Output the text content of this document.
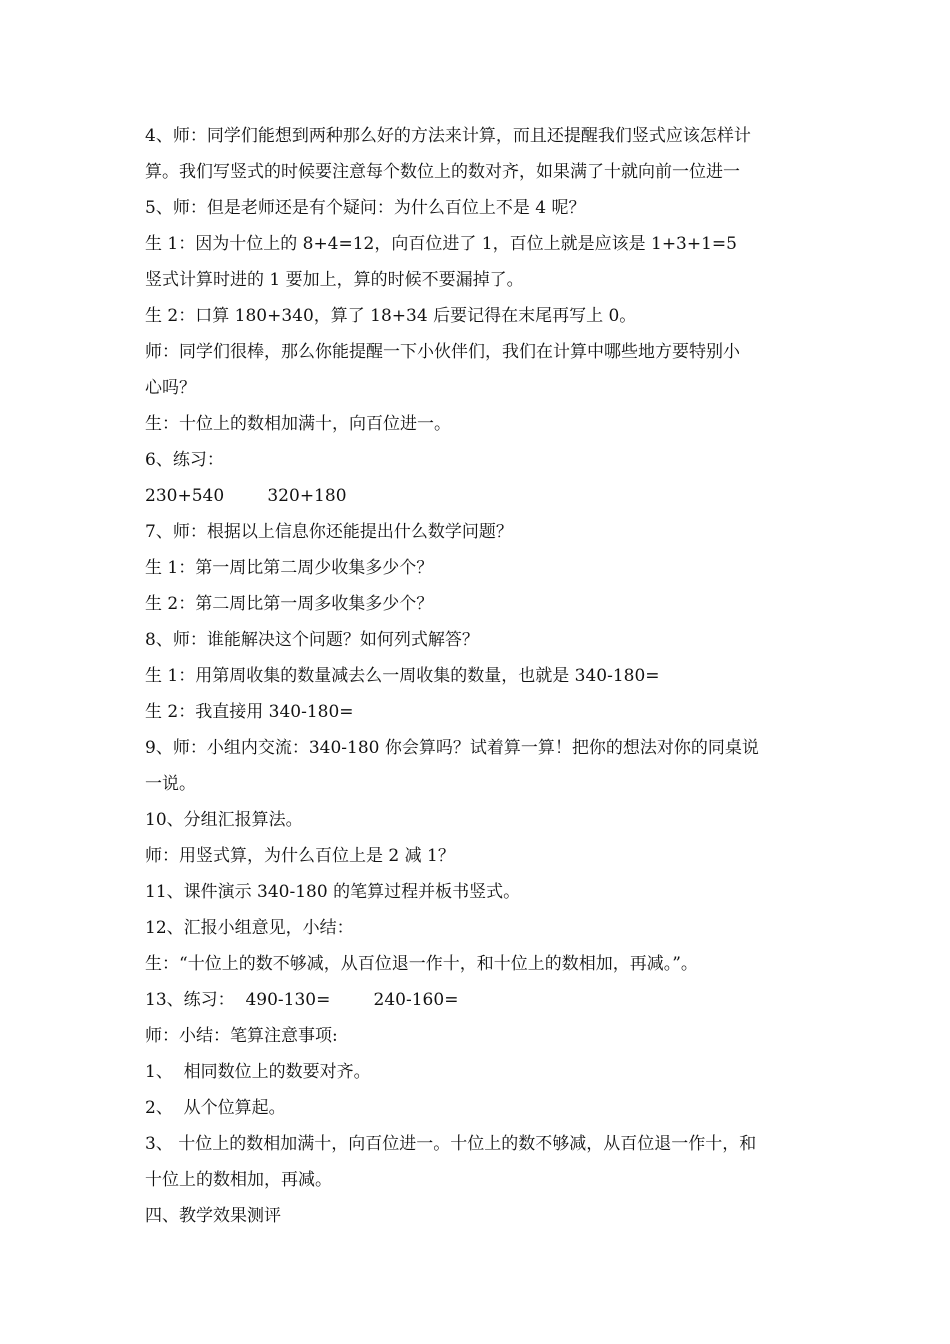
4、师：同学们能想到两种那么好的方法来计算，而且还提醒我们竖式应该怎样计
算。我们写竖式的时候要注意每个数位上的数对齐，如果满了十就向前一位进一
5、师：但是老师还是有个疑问：为什么百位上不是 4 呢？
生 1：因为十位上的 8+4=12，向百位进了 1，百位上就是应该是 1+3+1=5
竖式计算时进的 1 要加上，算的时候不要漏掉了。
生 2：口算 180+340，算了 18+34 后要记得在末尾再写上 0。
师：同学们很棒，那么你能提醒一下小伙伴们，我们在计算中哪些地方要特别小
心吗？
生：十位上的数相加满十，向百位进一。
6、练习：
230+540        320+180
7、师：根据以上信息你还能提出什么数学问题？
生 1：第一周比第二周少收集多少个？
生 2：第二周比第一周多收集多少个？
8、师：谁能解决这个问题？如何列式解答？
生 1：用第周收集的数量减去么一周收集的数量，也就是 340-180=
生 2：我直接用 340-180=
9、师：小组内交流：340-180 你会算吗？试着算一算！把你的想法对你的同桌说
一说。
10、分组汇报算法。
师：用竖式算，为什么百位上是 2 减 1？
11、课件演示 340-180 的笔算过程并板书竖式。
12、汇报小组意见，小结：
生：“十位上的数不够减，从百位退一作十，和十位上的数相加，再减。”。
13、练习：  490-130=        240-160=
师：小结：笔算注意事项:
1、  相同数位上的数要对齐。
2、  从个位算起。
3、 十位上的数相加满十，向百位进一。十位上的数不够减，从百位退一作十，和
十位上的数相加，再减。
四、教学效果测评
